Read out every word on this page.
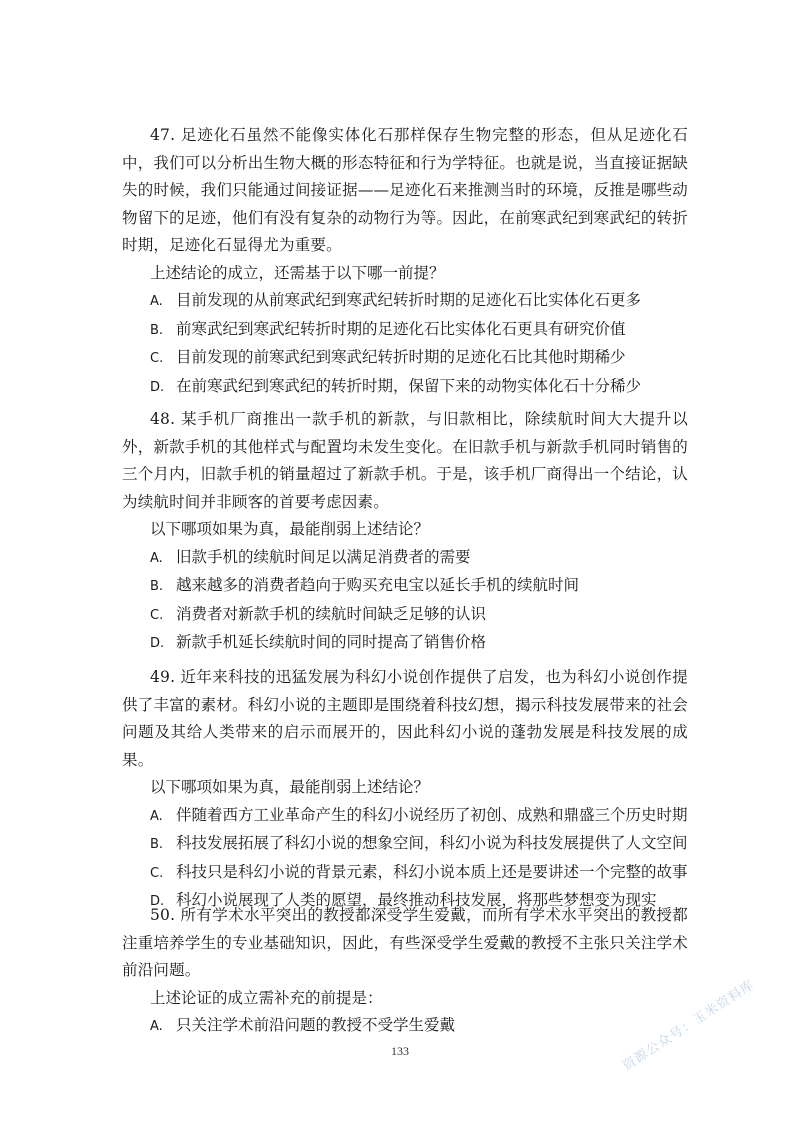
47. 足迹化石虽然不能像实体化石那样保存生物完整的形态，但从足迹化石中，我们可以分析出生物大概的形态特征和行为学特征。也就是说，当直接证据缺失的时候，我们只能通过间接证据——足迹化石来推测当时的环境，反推是哪些动物留下的足迹，他们有没有复杂的动物行为等。因此，在前寒武纪到寒武纪的转折时期，足迹化石显得尤为重要。

上述结论的成立，还需基于以下哪一前提？

A. 目前发现的从前寒武纪到寒武纪转折时期的足迹化石比实体化石更多
B. 前寒武纪到寒武纪转折时期的足迹化石比实体化石更具有研究价值
C. 目前发现的前寒武纪到寒武纪转折时期的足迹化石比其他时期稀少
D. 在前寒武纪到寒武纪的转折时期，保留下来的动物实体化石十分稀少

48. 某手机厂商推出一款手机的新款，与旧款相比，除续航时间大大提升以外，新款手机的其他样式与配置均未发生变化。在旧款手机与新款手机同时销售的三个月内，旧款手机的销量超过了新款手机。于是，该手机厂商得出一个结论，认为续航时间并非顾客的首要考虑因素。

以下哪项如果为真，最能削弱上述结论？

A. 旧款手机的续航时间足以满足消费者的需要
B. 越来越多的消费者趋向于购买充电宝以延长手机的续航时间
C. 消费者对新款手机的续航时间缺乏足够的认识
D. 新款手机延长续航时间的同时提高了销售价格

49. 近年来科技的迅猛发展为科幻小说创作提供了启发，也为科幻小说创作提供了丰富的素材。科幻小说的主题即是围绕着科技幻想，揭示科技发展带来的社会问题及其给人类带来的启示而展开的，因此科幻小说的蓬勃发展是科技发展的成果。

以下哪项如果为真，最能削弱上述结论？

A. 伴随着西方工业革命产生的科幻小说经历了初创、成熟和鼎盛三个历史时期
B. 科技发展拓展了科幻小说的想象空间，科幻小说为科技发展提供了人文空间
C. 科技只是科幻小说的背景元素，科幻小说本质上还是要讲述一个完整的故事
D. 科幻小说展现了人类的愿望，最终推动科技发展，将那些梦想变为现实

50. 所有学术水平突出的教授都深受学生爱戴，而所有学术水平突出的教授都注重培养学生的专业基础知识，因此，有些深受学生爱戴的教授不主张只关注学术前沿问题。

上述论证的成立需补充的前提是：

A. 只关注学术前沿问题的教授不受学生爱戴
133	资源公众号：玉米资料库
